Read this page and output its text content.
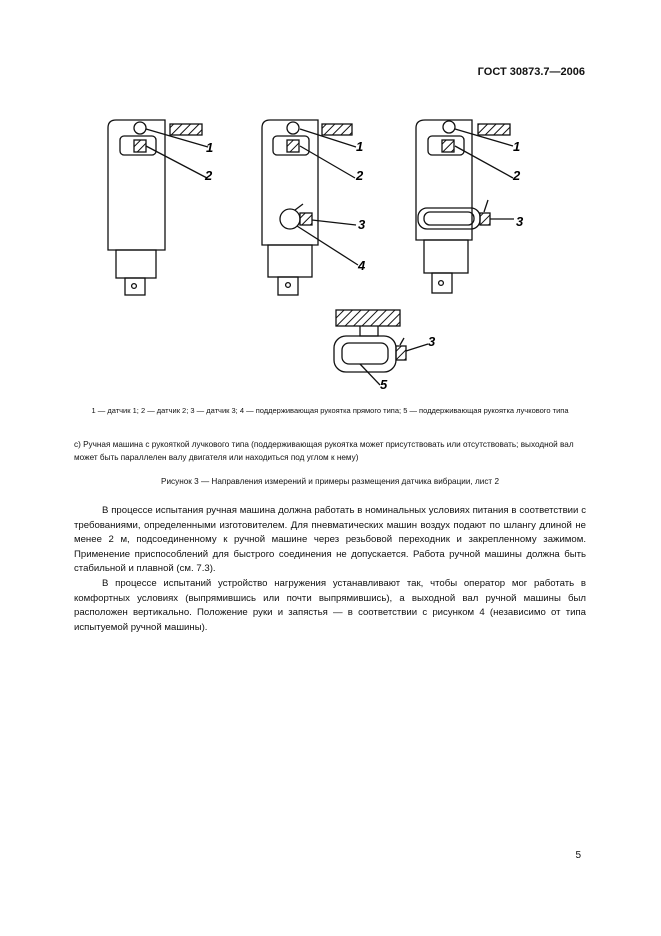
ГОСТ 30873.7—2006
1
2
1
2
3
4
1
2
3
3
5
1 — датчик 1; 2 — датчик 2; 3 — датчик 3; 4 — поддерживающая рукоятка прямого типа; 5 — поддерживающая рукоятка лучкового типа
c) Ручная машина с рукояткой лучкового типа (поддерживающая рукоятка может присутствовать или отсутствовать; выходной вал может быть параллелен валу двигателя или находиться под углом к нему)
Рисунок 3 — Направления измерений и примеры размещения датчика вибрации, лист 2

В процессе испытания ручная машина должна работать в номинальных условиях питания в соответствии с требованиями, определенными изготовителем. Для пневматических машин воздух подают по шлангу длиной не менее 2 м, подсоединенному к ручной машине через резьбовой переходник и закрепленному зажимом. Применение приспособлений для быстрого соединения не допускается. Работа ручной машины должна быть стабильной и плавной (см. 7.3).

В процессе испытаний устройство нагружения устанавливают так, чтобы оператор мог работать в комфортных условиях (выпрямившись или почти выпрямившись), а выходной вал ручной машины был расположен вертикально. Положение руки и запястья — в соответствии с рисунком 4 (независимо от типа испытуемой ручной машины).

5
